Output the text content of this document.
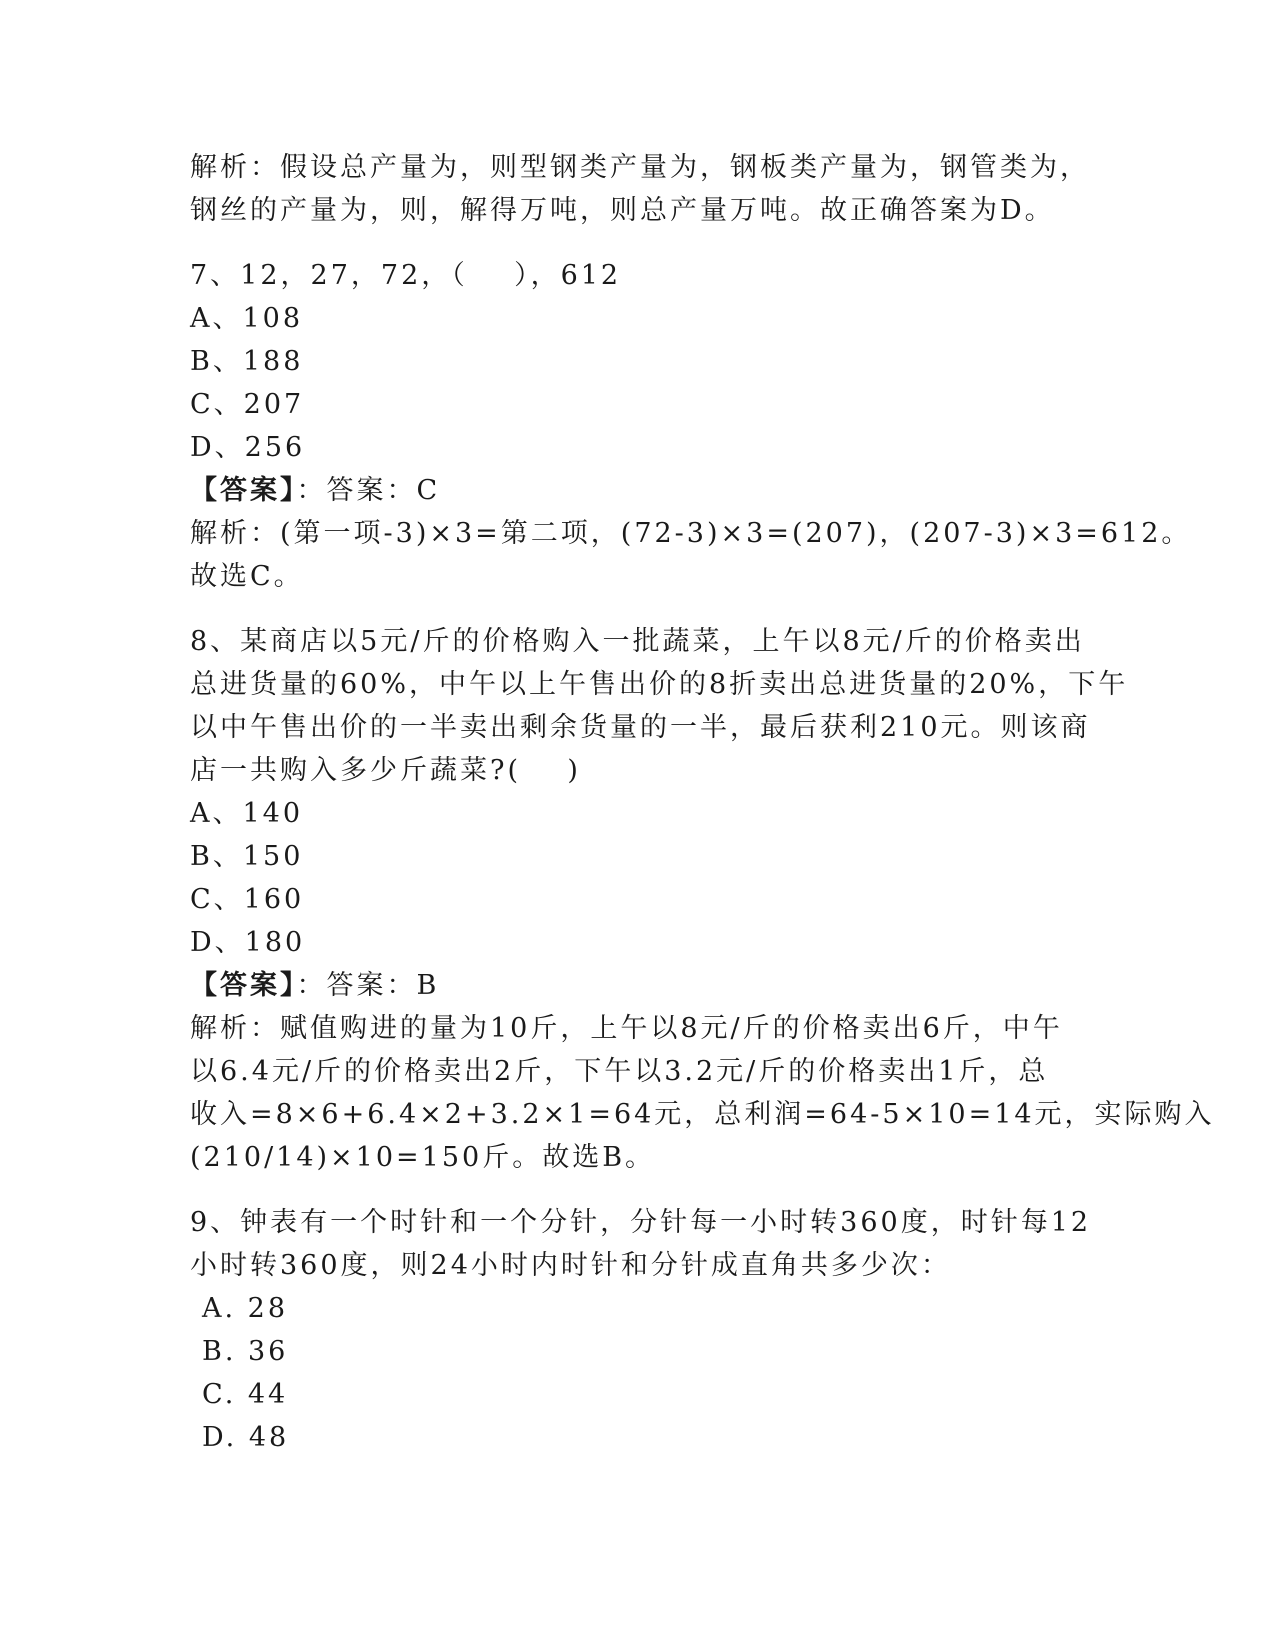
解析：假设总产量为，则型钢类产量为，钢板类产量为，钢管类为，
钢丝的产量为，则，解得万吨，则总产量万吨。故正确答案为D。
7、12，27，72，（    ），612
A、108
B、188
C、207
D、256
【答案】：答案：C
解析：(第一项-3)×3=第二项，(72-3)×3=(207)，(207-3)×3=612。
故选C。
8、某商店以5元/斤的价格购入一批蔬菜，上午以8元/斤的价格卖出
总进货量的60%，中午以上午售出价的8折卖出总进货量的20%，下午
以中午售出价的一半卖出剩余货量的一半，最后获利210元。则该商
店一共购入多少斤蔬菜?(    )
A、140
B、150
C、160
D、180
【答案】：答案：B
解析：赋值购进的量为10斤，上午以8元/斤的价格卖出6斤，中午
以6.4元/斤的价格卖出2斤，下午以3.2元/斤的价格卖出1斤，总
收入=8×6+6.4×2+3.2×1=64元，总利润=64-5×10=14元，实际购入
(210/14)×10=150斤。故选B。
9、钟表有一个时针和一个分针，分针每一小时转360度，时针每12
小时转360度，则24小时内时针和分针成直角共多少次：
A. 28
B. 36
C. 44
D. 48
